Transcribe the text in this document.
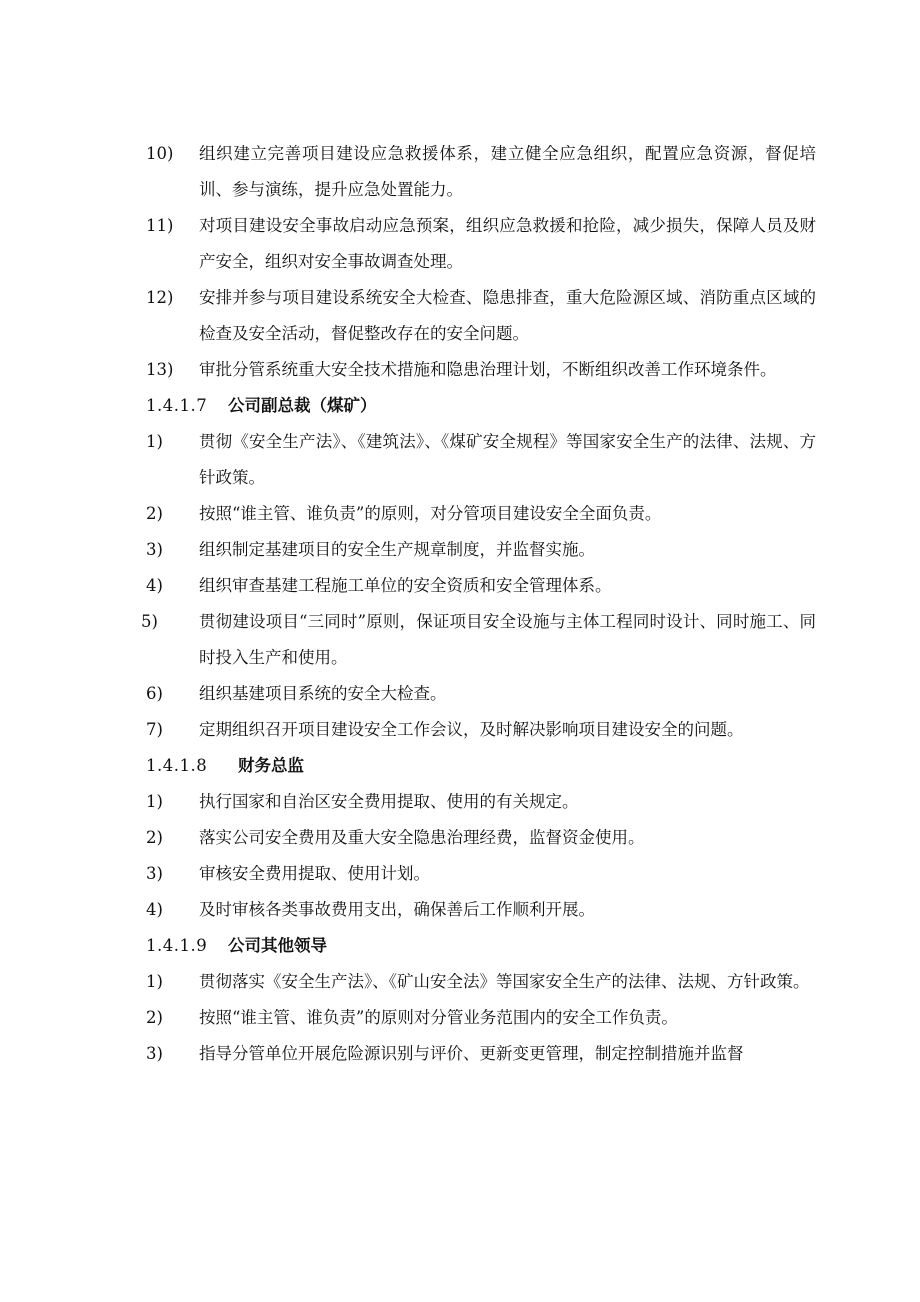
10)	组织建立完善项目建设应急救援体系，建立健全应急组织，配置应急资源，督促培训、参与演练，提升应急处置能力。
11)	对项目建设安全事故启动应急预案，组织应急救援和抢险，减少损失，保障人员及财产安全，组织对安全事故调查处理。
12)	安排并参与项目建设系统安全大检查、隐患排查，重大危险源区域、消防重点区域的检查及安全活动，督促整改存在的安全问题。
13)	审批分管系统重大安全技术措施和隐患治理计划，不断组织改善工作环境条件。
1.4.1.7 公司副总裁（煤矿）
1)	贯彻《安全生产法》、《建筑法》、《煤矿安全规程》等国家安全生产的法律、法规、方针政策。
2)	按照“谁主管、谁负责”的原则，对分管项目建设安全全面负责。
3)	组织制定基建项目的安全生产规章制度，并监督实施。
4)	组织审查基建工程施工单位的安全资质和安全管理体系。
5)	贯彻建设项目“三同时”原则，保证项目安全设施与主体工程同时设计、同时施工、同时投入生产和使用。
6)	组织基建项目系统的安全大检查。
7)	定期组织召开项目建设安全工作会议，及时解决影响项目建设安全的问题。
1.4.1.8 财务总监
1)	执行国家和自治区安全费用提取、使用的有关规定。
2)	落实公司安全费用及重大安全隐患治理经费，监督资金使用。
3)	审核安全费用提取、使用计划。
4)	及时审核各类事故费用支出，确保善后工作顺利开展。
1.4.1.9 公司其他领导
1)	贯彻落实《安全生产法》、《矿山安全法》等国家安全生产的法律、法规、方针政策。
2)	按照“谁主管、谁负责”的原则对分管业务范围内的安全工作负责。
3)	指导分管单位开展危险源识别与评价、更新变更管理，制定控制措施并监督
